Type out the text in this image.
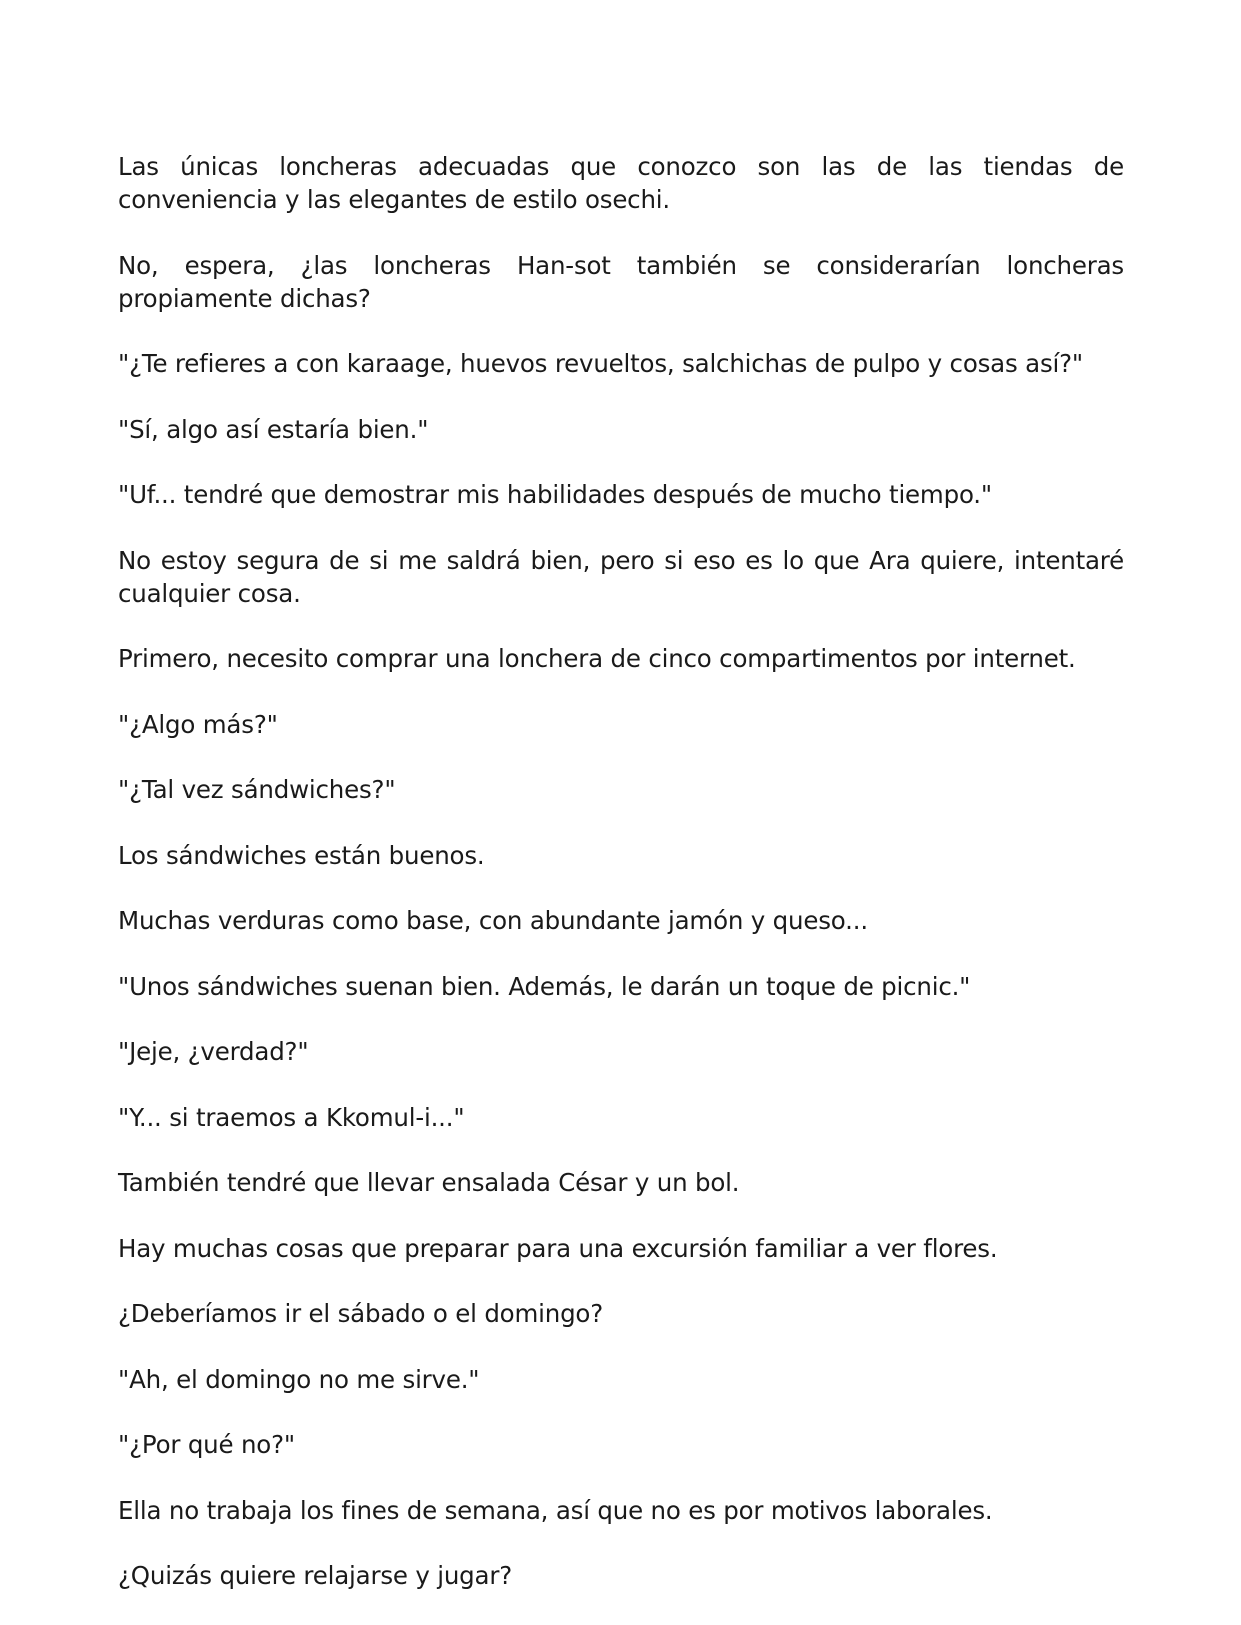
Las únicas loncheras adecuadas que conozco son las de las tiendas de conveniencia y las elegantes de estilo osechi.

No, espera, ¿las loncheras Han-sot también se considerarían loncheras propiamente dichas?

"¿Te refieres a con karaage, huevos revueltos, salchichas de pulpo y cosas así?"

"Sí, algo así estaría bien."

"Uf... tendré que demostrar mis habilidades después de mucho tiempo."

No estoy segura de si me saldrá bien, pero si eso es lo que Ara quiere, intentaré cualquier cosa.

Primero, necesito comprar una lonchera de cinco compartimentos por internet.

"¿Algo más?"

"¿Tal vez sándwiches?"

Los sándwiches están buenos.

Muchas verduras como base, con abundante jamón y queso...

"Unos sándwiches suenan bien. Además, le darán un toque de picnic."

"Jeje, ¿verdad?"

"Y... si traemos a Kkomul-i..."

También tendré que llevar ensalada César y un bol.

Hay muchas cosas que preparar para una excursión familiar a ver flores.

¿Deberíamos ir el sábado o el domingo?

"Ah, el domingo no me sirve."

"¿Por qué no?"

Ella no trabaja los fines de semana, así que no es por motivos laborales.

¿Quizás quiere relajarse y jugar?
